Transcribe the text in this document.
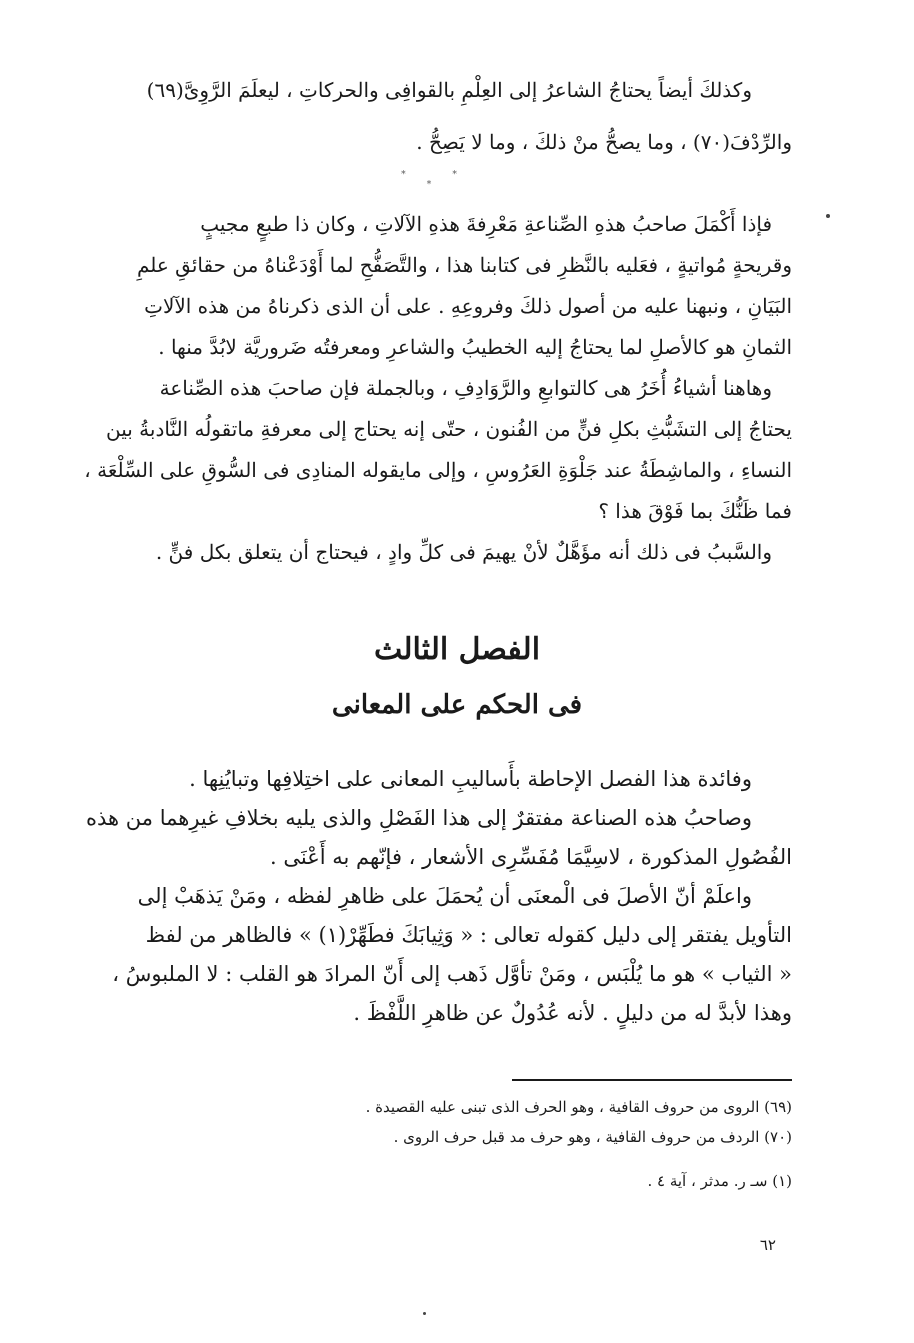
وكذلكَ أيضاً يحتاجُ الشاعرُ إلى العِلْمِ بالقوافِى والحركاتِ ، ليعلَمَ الرَّوِىَّ(٦٩)
والرِّدْفَ(٧٠) ، وما يصحُّ منْ ذلكَ ، وما لا يَصِحُّ .
* * *
فإذا أَكْمَلَ صاحبُ هذهِ الصِّناعةِ مَعْرِفةَ هذهِ الآلاتِ ، وكان ذا طبعٍ مجيبٍ
وقريحةٍ مُواتيةٍ ، فعَليه بالنَّظرِ فى كتابنا هذا ، والتَّصَفُّحِ لما أَوْدَعْناهُ من حقائقِ علمِ
البَيَانِ ، ونبهنا عليه من أصول ذلكَ وفروعِهِ . على أن الذى ذكرناهُ من هذه الآلاتِ
الثمانِ هو كالأصلِ لما يحتاجُ إليه الخطيبُ والشاعرِ ومعرفتُه ضَروريَّة لابُدَّ منها .
وهاهنا أشياءُ أُخَرُ هى كالتوابعِ والرَّوَادِفِ ، وبالجملة فإن صاحبَ هذه الصِّناعة
يحتاجُ إلى التشَبُّثِ بكلِ فنٍّ من الفُنون ، حتّى إنه يحتاج إلى معرفةِ ماتقولُه النَّادبةُ بين
النساءِ ، والماشِطَةُ عند جَلْوَةِ العَرُوسِ ، وإلى مايقوله المنادِى فى السُّوقِ على السِّلْعَة ،
فما ظَنُّكَ بما فَوْقَ هذا ؟
والسَّببُ فى ذلك أنه مؤَهَّلٌ لأنْ يهيمَ فى كلِّ وادٍ ، فيحتاج أن يتعلق بكل فنٍّ .
الفصل الثالث
فى الحكم على المعانى
وفائدة هذا الفصل الإحاطة بأَساليبِ المعانى على اختِلافِها وتبايُنِها .
وصاحبُ هذه الصناعة مفتقرٌ إلى هذا الفَصْلِ والذى يليه بخلافِ غيرِهما من هذه
الفُصُولِ المذكورة ، لاسِيَّمَا مُفَسِّرِى الأشعار ، فإنّهم به أَعْنَى .
واعلَمْ أنّ الأصلَ فى الْمعنَى أن يُحمَلَ على ظاهرِ لفظه ، ومَنْ يَذهَبْ إلى
التأويل يفتقر إلى دليل كقوله تعالى : « وَثِيابَكَ فطَهِّرْ(١) » فالظاهر من لفظ
« الثياب » هو ما يُلْبَس ، ومَنْ تأوَّل ذَهب إلى أَنّ المرادَ هو القلب : لا الملبوسُ ،
وهذا لأبدَّ له من دليلٍ . لأنه عُدُولٌ عن ظاهرِ اللَّفْظَ .
(٦٩) الروى من حروف القافية ، وهو الحرف الذى تبنى عليه القصيدة .
(٧٠) الردف من حروف القافية ، وهو حرف مد قبل حرف الروى .
(١) سـ ر. مدثر ، آية ٤ .
٦٢
